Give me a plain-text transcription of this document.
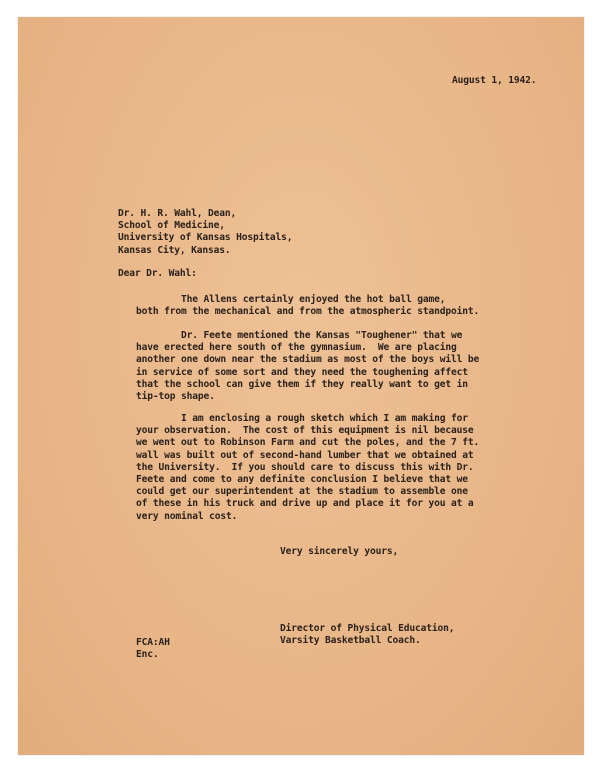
August 1, 1942.

Dr. H. R. Wahl, Dean,
School of Medicine,
University of Kansas Hospitals,
Kansas City, Kansas.

Dear Dr. Wahl:

The Allens certainly enjoyed the hot ball game,
both from the mechanical and from the atmospheric standpoint.
Dr. Feete mentioned the Kansas "Toughener" that we
have erected here south of the gymnasium.  We are placing
another one down near the stadium as most of the boys will be
in service of some sort and they need the toughening affect
that the school can give them if they really want to get in
tip-top shape.
I am enclosing a rough sketch which I am making for
your observation.  The cost of this equipment is nil because
we went out to Robinson Farm and cut the poles, and the 7 ft.
wall was built out of second-hand lumber that we obtained at
the University.  If you should care to discuss this with Dr.
Feete and come to any definite conclusion I believe that we
could get our superintendent at the stadium to assemble one
of these in his truck and drive up and place it for you at a
very nominal cost.

Very sincerely yours,

Director of Physical Education,
Varsity Basketball Coach.
FCA:AH
Enc.
